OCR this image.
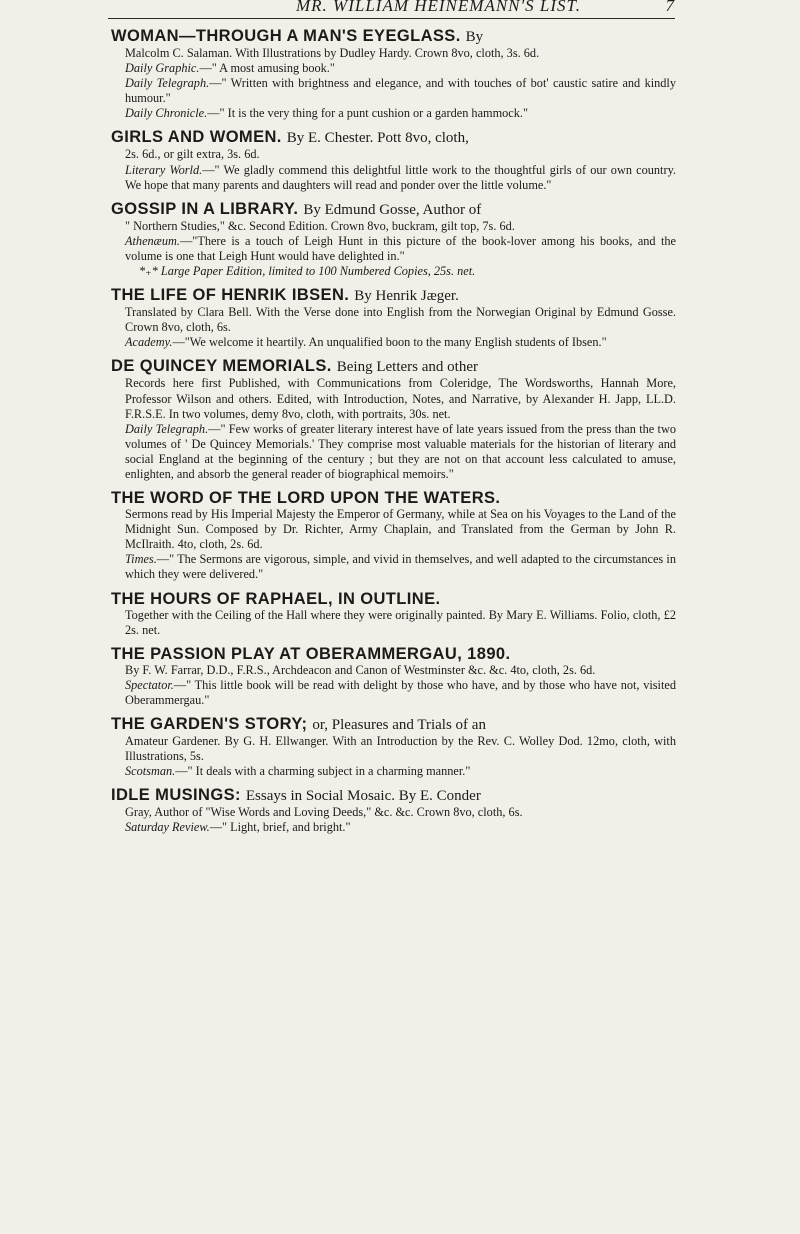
MR. WILLIAM HEINEMANN'S LIST.	7
WOMAN—THROUGH A MAN'S EYEGLASS. By
Malcolm C. Salaman. With Illustrations by Dudley Hardy. Crown 8vo, cloth, 3s. 6d.
Daily Graphic.—" A most amusing book."
Daily Telegraph.—" Written with brightness and elegance, and with touches of bot' caustic satire and kindly humour."
Daily Chronicle.—" It is the very thing for a punt cushion or a garden hammock."
GIRLS AND WOMEN. By E. Chester. Pott 8vo, cloth,
2s. 6d., or gilt extra, 3s. 6d.
Literary World.—" We gladly commend this delightful little work to the thoughtful girls of our own country. We hope that many parents and daughters will read and ponder over the little volume."
GOSSIP IN A LIBRARY. By Edmund Gosse, Author of
" Northern Studies," &c. Second Edition. Crown 8vo, buckram, gilt top, 7s. 6d.
Athenæum.—"There is a touch of Leigh Hunt in this picture of the book-lover among his books, and the volume is one that Leigh Hunt would have delighted in."
*₊* Large Paper Edition, limited to 100 Numbered Copies, 25s. net.
THE LIFE OF HENRIK IBSEN. By Henrik Jæger.
Translated by Clara Bell. With the Verse done into English from the Norwegian Original by Edmund Gosse. Crown 8vo, cloth, 6s.
Academy.—"We welcome it heartily. An unqualified boon to the many English students of Ibsen."
DE QUINCEY MEMORIALS. Being Letters and other
Records here first Published, with Communications from Coleridge, The Wordsworths, Hannah More, Professor Wilson and others. Edited, with Introduction, Notes, and Narrative, by Alexander H. Japp, LL.D. F.R.S.E. In two volumes, demy 8vo, cloth, with portraits, 30s. net.
Daily Telegraph.—" Few works of greater literary interest have of late years issued from the press than the two volumes of ' De Quincey Memorials.' They comprise most valuable materials for the historian of literary and social England at the beginning of the century ; but they are not on that account less calculated to amuse, enlighten, and absorb the general reader of biographical memoirs."
THE WORD OF THE LORD UPON THE WATERS.
Sermons read by His Imperial Majesty the Emperor of Germany, while at Sea on his Voyages to the Land of the Midnight Sun. Composed by Dr. Richter, Army Chaplain, and Translated from the German by John R. McIlraith. 4to, cloth, 2s. 6d.
Times.—" The Sermons are vigorous, simple, and vivid in themselves, and well adapted to the circumstances in which they were delivered."
THE HOURS OF RAPHAEL, IN OUTLINE.
Together with the Ceiling of the Hall where they were originally painted. By Mary E. Williams. Folio, cloth, £2 2s. net.
THE PASSION PLAY AT OBERAMMERGAU, 1890.
By F. W. Farrar, D.D., F.R.S., Archdeacon and Canon of Westminster &c. &c. 4to, cloth, 2s. 6d.
Spectator.—" This little book will be read with delight by those who have, and by those who have not, visited Oberammergau."
THE GARDEN'S STORY; or, Pleasures and Trials of an
Amateur Gardener. By G. H. Ellwanger. With an Introduction by the Rev. C. Wolley Dod. 12mo, cloth, with Illustrations, 5s.
Scotsman.—" It deals with a charming subject in a charming manner."
IDLE MUSINGS: Essays in Social Mosaic. By E. Conder
Gray, Author of "Wise Words and Loving Deeds," &c. &c. Crown 8vo, cloth, 6s.
Saturday Review.—" Light, brief, and bright."
